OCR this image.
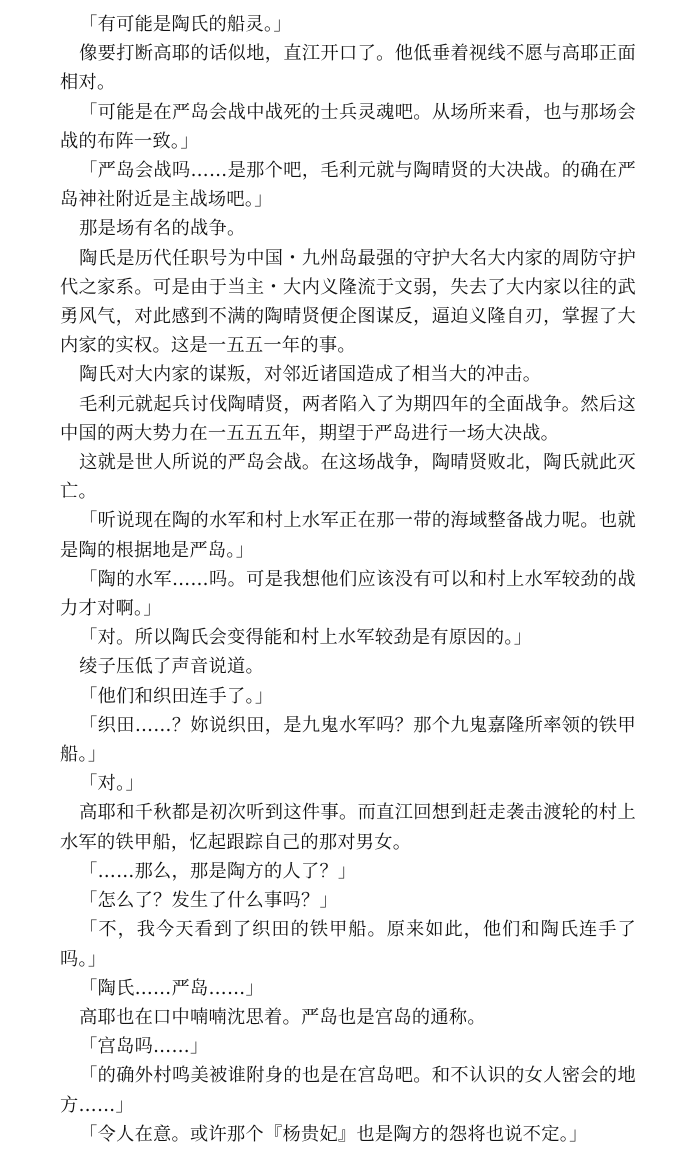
「有可能是陶氏的船灵。」

像要打断高耶的话似地，直江开口了。他低垂着视线不愿与高耶正面相对。

「可能是在严岛会战中战死的士兵灵魂吧。从场所来看，也与那场会战的布阵一致。」

「严岛会战吗……是那个吧，毛利元就与陶晴贤的大决战。的确在严岛神社附近是主战场吧。」

那是场有名的战争。

陶氏是历代任职号为中国・九州岛最强的守护大名大内家的周防守护代之家系。可是由于当主・大内义隆流于文弱，失去了大内家以往的武勇风气，对此感到不满的陶晴贤便企图谋反，逼迫义隆自刃，掌握了大内家的实权。这是一五五一年的事。

陶氏对大内家的谋叛，对邻近诸国造成了相当大的冲击。

毛利元就起兵讨伐陶晴贤，两者陷入了为期四年的全面战争。然后这中国的两大势力在一五五五年，期望于严岛进行一场大决战。

这就是世人所说的严岛会战。在这场战争，陶晴贤败北，陶氏就此灭亡。

「听说现在陶的水军和村上水军正在那一带的海域整备战力呢。也就是陶的根据地是严岛。」

「陶的水军……吗。可是我想他们应该没有可以和村上水军较劲的战力才对啊。」

「对。所以陶氏会变得能和村上水军较劲是有原因的。」

绫子压低了声音说道。

「他们和织田连手了。」

「织田……？妳说织田，是九鬼水军吗？那个九鬼嘉隆所率领的铁甲船。」

「对。」

高耶和千秋都是初次听到这件事。而直江回想到赶走袭击渡轮的村上水军的铁甲船，忆起跟踪自己的那对男女。

「……那么，那是陶方的人了？」

「怎么了？发生了什么事吗？」

「不，我今天看到了织田的铁甲船。原来如此，他们和陶氏连手了吗。」

「陶氏……严岛……」

高耶也在口中喃喃沈思着。严岛也是宫岛的通称。

「宫岛吗……」

「的确外村鸣美被谁附身的也是在宫岛吧。和不认识的女人密会的地方……」

「令人在意。或许那个『杨贵妃』也是陶方的怨将也说不定。」
